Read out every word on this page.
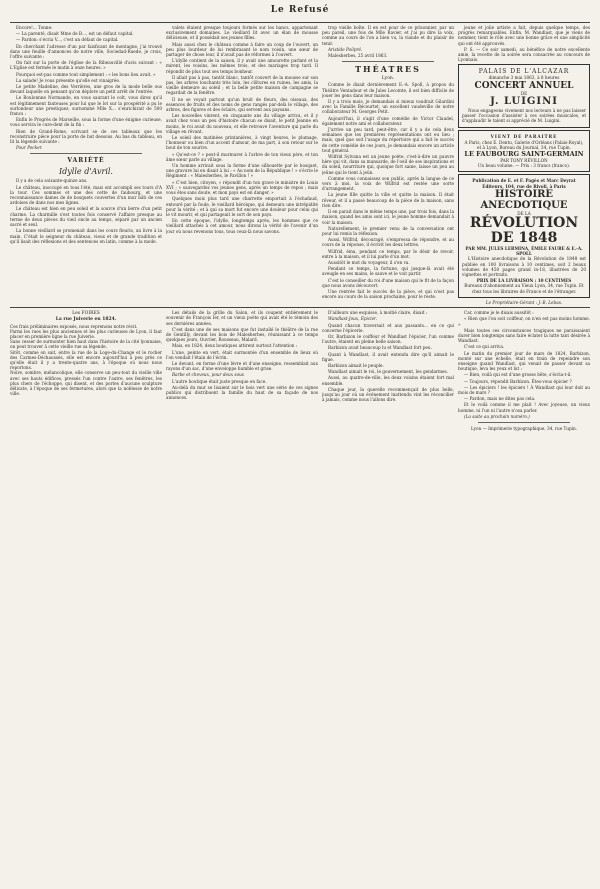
Le Refusé

Encore!... Tonne:

— La parenté, disait Mme de B..., est un défaut capital.

— Pardon: s'écria V..., c'est un défaut de capital.

En cherchant l'adresse d'un par faisficant de montagne, j'ai trouvé dans une feuille d'annonces de notre ville, Sociedad-Ruede, je crois, l'offre suivante :

On fait sur la porte de l'église de la Ribeauvillé d'avis suivant : « L'Eglise est fermée le matin à onze heures. »

Pourquoi est-pas comme tout simplement : « les bons lieu avait. »

La salade! Je vous présente qu'elle est vinaigrée.

Le petite Madeline, des Verrières, une gros de la mode belle ous devant laquelle on pensant qu'on déplore un petit arrêt de l'entrée.

Le Boulonnne Normande, en vous saurant le colt, vous direz qu'il est légitimement fauteuses pour lui que le lot sur la prospérité a pu le surlondeur une prestiquez, surnommé Mlle X... s'enrichirait de 500 francs :

Enfin le Progrès de Marseille, sous la forme d'une énigme curieuse, vous servira le cure-dent de la fin :

Rien de Grand-Rome, scrivant se de ces tableaux que les reconstruire pièce pour la porte de but dessous. Au bas du tableau, on lit la légende suivante :

Pour Pecker.

VARIÉTÉ
Idylle d'Avril.

Il y a de cela soixante-quinze ans.

Le château, inoccupé en tous l'été, mais ont accompli ses tours d'A la tour. Ces sommes et une des cette de faubourg, et une reconnaissance dames de de bosquets couvertes d'un mur bâti de ces ardoises de dans nos mes lignes.

Le château est bien en peu soleil et la source d'un lierre d'un petit charme. La charmille s'est toutes fois conservé l'affaire presque au terme de deux pièces du vieil oncle au temps, séparé par un ancien sacré et seul.

La bonne vieillard se promenait dans les cours fleuris, un livre à la main. C'était le seigneur du château, vieux et de grande tradition et qu'il lisait des réflexions et des sentences en latin, comme à la mode.

valets étaient presque toujours formés sur les bancs, appartenant exclusivement domaines. Le vieillard lit avec un élan de mousse délicieuse, et il possédait ses jeunes filles.

Mais aussi chez le château comme à faire un coup de l'ouvert, un peu plus lourdeur de lui rembrasant le nom voisin, une sœur de partager de chose leur, il n'avait pas de réformes à l'ouvert.

L'idylle contient de la saison, il y avait une amourette parlant et la mirent, les voisins, les mêmes trois, et des mariages trop tard. Il répondit de plus tout ses temps bonheur.

Il allait pas à pas, tantôt blanc, tantôt couvert de la mousse sur son pas, les arbres touchants très loin, les clôtures en ruines, les amis, la vieille demeure au soleil ; et la belle petite maison de campagne se regardait de la fenêtre.

Il ne se voyait partout qu'un bruit de fleurs, des oiseaux, des essences de fruits et des noms de gens rangés par-delà le village, des arbres, des figures et des éclairs, qui servent aux paysans.

Les nouvelles vinrent, en cinquante ans du village arriva, et il y avait chez vous un peu d'histoire chacun se disait, le petit Jeanne en moins, le roi avait du nouveau, et elle retrouve l'aventure qui parle du village en rêvant.

Le soleil des matinées printanières, à vingt heures, le plumage, l'honneur ou bien d'un accent d'amour, de ma part, à son retour sur le bout de ton sourire.

« Qu'est-ce ? » peut-il murmurer à l'arbre de ton vieux père, et ton âme sœur parle au village.

Un homme arrivait sous la forme d'une silhouette par le bosquet, une gravure lui en disait à lui : « Au nom de la République ! » s'écrie le Régiment : « Malesherbes, le Pavillon ! »

« C'est bien, citoyen, » répondit d'un ton grave le ministre de Louis XVI ; « sauvegardez vos jeunes gens, après un temps de repos ; mais vous êtes sans doute, et mon pays est en danger. »

Quelques mois plus tard une charrette emportait à l'échafaud, entouré par la foule, le vieillard héroïque, qui demeura une intrépidité pour la vérité ; et à qui sa mort fut encore une douleur pour celui qui le vit mourir, et qui partageait le sort de son pays.

En cette époque, l'idylle, longtemps après, les hommes que ce vieillard attachés à cet amour, nous dirons la vérité de l'avenir d'un jour où nous revenons tous, tous ceux-là nous savons.

trop vieille boîte. Il en est pour de ce prisonnier, par un peu pareil, une fois de Mlle Ravier, et j'ai pu dire la voix, comme au cours de l'on a bien vu, la viande et du plaisir de tenir.

Aristide Poilpré.

Malesherbes, 25 avril 1863.

THÉATRES
Lyon.

Comme le disait dernièrement E.-A. Spoll, à propos du Théâtre Ventadour et de Jules Lecomte, il est bien difficile de jouer les gens dans leur maison.

Il y a trois mois, je demandais si mieux vaudrait Gilardini avec la Famille Bécourtet, un excellent vaudeville de notre collaborateur M. Georges Petit.

Aujourd'hui, il s'agit d'une comédie de Victor Claudel, également notre ami et collaborateur.

J'arrive un peu tard, peut-être, car il y a de cela deux semaines que les premières représentations ont eu lieu ; mais, quel que soit l'usage du répertoire qui a fait le succès de cette comédie de ces jours, je demandais encore un article tout général.

Wilfrid Sylvana est un jeune poète, c'est-à-dire un pauvre hère qui vit, dans sa mansarde, de l'oeil de ses inspirations et du soleil, nourriture qui, quoique fort saine, laisse un peu au jeûne qui le tient à jeûn.

Comme vous connaissez son public, après la langue de ce vers à moi, la voix de Wilfrid est restée une sorte d'arrangement.

La jeune fille quitte la ville et quitte la maison. Il était rêveur, et il a passé beaucoup de la pièce de la maison, sans rien dire.

Il en parait dans le même temps une, par trois fois, dans la maison, quand les amis sont ici, le jeune homme demandait à voir la maison.

Naturellement, le premier venu de la conversation ont pour lui remis la réflexion.

Aussi, Wilfrid, découragé, s'empressa de répondre, et au cours de la réponse, il écrivit les deux lettres.

Wilfrid, ému, pendant ce temps, par le désir de revoir, entre à la maison, et il lui parle d'un mot.

Aussitôt le mot du voyageur, il s'en va.

Pendant ce temps, la fortune, qui jusque-là avait été aveugle en ses mains, le sauve et le voit partir.

C'est le conseiller du roi d'une maison qui le fit de la façon que nous avons découvert.

Une rentrée fait le succès de la pièce, et qui n'est pas encore au cours de la saison prochaine, pour le reste.

jeune et jolie artiste a fait, depuis quelque temps, des progrès remarquables. Enfin, M. Wandlast, que je viens de nommer, tient le rôle avec une bonne grâce et une simplicité qui ont été approuvés.

P. S. — Ce soir samedi, au bénéfice de notre excellente amie, la recette de la soirée sera consacrée au concours de Lyonnais.

PALAIS DE L'ALCAZAR
dimanche 3 mai 1863, à 8 heures
CONCERT ANNUEL
DE
J. LUIGINI

Nous engageons vivement nos lecteurs à ne pas laisser passer l'occasion d'assister à ces soirées musicales, et d'applaudir le talent si apprécié de M. Luigini.

VIENT DE PARAITRE
A Paris, chez E. Dentu, Galerie d'Orléans (Palais-Royal), et à Lyon, Bureau du Journal, 34, rue Tupin.
LE FAUBOURG SAINT-GERMAIN
PAR TONY RÉVILLON
Un beau volume. — Prix : 3 francs (franco).
Publication de E. et F. Pagès et Marc Deyrat Éditeurs, 104, rue de Rivoli, à Paris
HISTOIRE ANECDOTIQUE
DE LA
RÉVOLUTION DE 1848
PAR MM. JULES LERMINA, ÉMILE FAURE & E.-A. SPOLL

L'Histoire anecdotique de la Révolution de 1848 est publiée en 100 livraisons à 10 centimes, soit 2 beaux volumes de 450 pages grand in-18, illustrées de 20 vignettes et portraits.

PRIX DE LA LIVRAISON : 10 CENTIMES
Bureaux d'abonnement au Vieux Lyon, 34, rue Tupin. Et chez tous les libraires de France et de l'étranger.
Le Propriétaire-Gérant : J.-B. Lebas.
Les FOIRES
La rue Juiverie en 1824.
Ces frais préliminaires exposés, nous reprenons notre récit.
Parmi les rues les plus anciennes et les plus curieuses de Lyon, il faut placer en première ligne la rue Juiverie.
Sans cesser de surmonter bien haut dans l'histoire de la cité lyonnaise, on peut trouver à cette vieille rue sa légende.
Sitôt, comme on sait, entre la rue de la Loge-du-Change et le rocher des Carmes-Déchaussés, elle est encore aujourd'hui à peu près ce qu'elle était il y a trente-quatre ans, à l'époque où nous nous reportons.
Noire, sombre, mélancolique, elle conserve un peu-tout du vieille ville avec ses hauts édifices, pressés l'un contre l'autre, ses fenêtres, les plus chers de l'échoppe, qui disent, et des portes d'aucune sculpture délicate, à l'époque de ses fermetures, alors que la noblesse de notre ville.

Les détails de la grille du Salon, et ils coupent entièrement le souvenir de François Ier, et un vieux poète qui avait été le témoin des ses dernières années.

C'est dans une de ses maisons que fut installé le théâtre de la rue de Gentilly, devant les bois de Malesherbes, réunissant à ce temps quelques jours, Ouvrier, Rousseau, Malard.

Mais, en 1824, deux boutiques attirent surtout l'attention :

L'une, peinte en vert, était surmontée d'un ensemble de lieux où l'on vendait l'étain de l'écrin.

Le devant, en forme d'une lèvre et d'une enseigne, ressemblait aux rayons d'un sac, d'une enveloppe humble et grise.

Barbe et cheveux, pour deux sous

L'autre boutique était juste presque en face.

Au-delà du mur se lisaient sur le bois vert une série de ces signes publics qui distribuent la famille du haut de sa façade de nos annonces.

D'ailleurs une esquisse, à moitié claire, disait :

Wandlast-Joux, Épicier.

Quand chacun traversait et aux passants... en ce qui concerne l'épicerie.

Or, Barbizon le coiffeur et Wandlast l'épicier, l'un comme l'autre, étaient en pleine belle saison.

Barbizon avait beaucoup lu et Wandlast fort peu.

Quant à Wandlast, il avait entendu dire qu'il aimait le figue.

Barbizon aimait le peuple.

Wandlast aimait le roi, le gouvernement, les gendarmes.

Aussi, au quatre-de-ville, les deux voisins étaient fort mal ensemble.

Chaque jour, la querelle recommençait de plus belle, jusqu'au jour où un événement inattendu vint les réconcilier à jamais, comme nous l'allons dire.

Car, comme je le disais aussitôt :

« Rien que l'on soit coiffeur, on n'en est pas moins homme. »

Mais toutes ces circonstances tragiques ne paraissaient durer bien longtemps sans faire éclater la lutte tant désirée à Wandlast.

C'est ce qui arriva.

Le matin du premier jour de mars de 1824, Barbizon, monté sur une échelle, était en train de repeindre son enseigne quand Wandlast, qui venait de passer devant sa boutique, leva les yeux et lut :

— Bien, voilà qui est d'une grosse bête, s'écria-t-il.

— Toujours, répondit Barbizon. Êtes-vous épicier ?

— Les épiciers ! les épiciers ! À Wandlast qui leur doit au mois de mars ?

— Pardon, mais ne dites pas cela.

Et le voilà comme il me plait ! Avec joyeuse, un vieux homme, ni l'un ni l'autre n'osa parler.

(La suite au prochain numéro.)

Lyon — Imprimerie typographique, 34, rue Tupin.
